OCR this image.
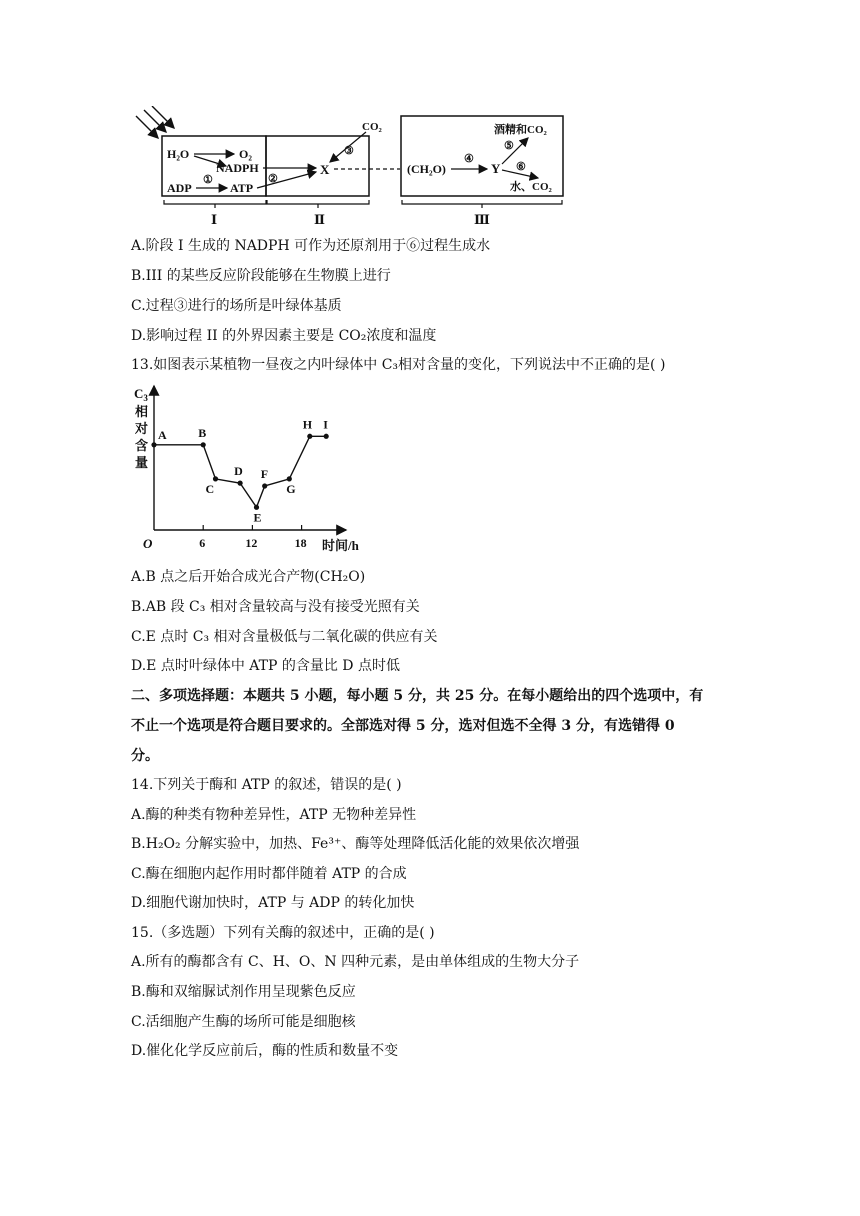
Ⅰ	Ⅱ	Ⅲ
H₂O	O₂
NADPH
ADP	ATP
①
X
CO₂
②
③
(CH₂O)	Y
④
⑤
⑥
酒精和CO₂
水、CO₂
A.阶段 I 生成的 NADPH 可作为还原剂用于⑥过程生成水
B.III 的某些反应阶段能够在生物膜上进行
C.过程③进行的场所是叶绿体基质
D.影响过程 II 的外界因素主要是 CO₂浓度和温度
13.如图表示某植物一昼夜之内叶绿体中 C₃相对含量的变化，下列说法中不正确的是( )
$C_3$ 相 对 含 量
O	时间/h
6	12	18
A	B
C
D
E
F
G
H I
A.B 点之后开始合成光合产物(CH₂O)
B.AB 段 C₃ 相对含量较高与没有接受光照有关
C.E 点时 C₃ 相对含量极低与二氧化碳的供应有关
D.E 点时叶绿体中 ATP 的含量比 D 点时低
二、多项选择题：本题共 5 小题，每小题 5 分，共 25 分。在每小题给出的四个选项中，有
不止一个选项是符合题目要求的。全部选对得 5 分，选对但选不全得 3 分，有选错得 0
分。
14.下列关于酶和 ATP 的叙述，错误的是( )
A.酶的种类有物种差异性，ATP 无物种差异性
B.H₂O₂ 分解实验中，加热、Fe³⁺、酶等处理降低活化能的效果依次增强
C.酶在细胞内起作用时都伴随着 ATP 的合成
D.细胞代谢加快时，ATP 与 ADP 的转化加快
15.（多选题）下列有关酶的叙述中，正确的是( )
A.所有的酶都含有 C、H、O、N 四种元素，是由单体组成的生物大分子
B.酶和双缩脲试剂作用呈现紫色反应
C.活细胞产生酶的场所可能是细胞核
D.催化化学反应前后，酶的性质和数量不变
